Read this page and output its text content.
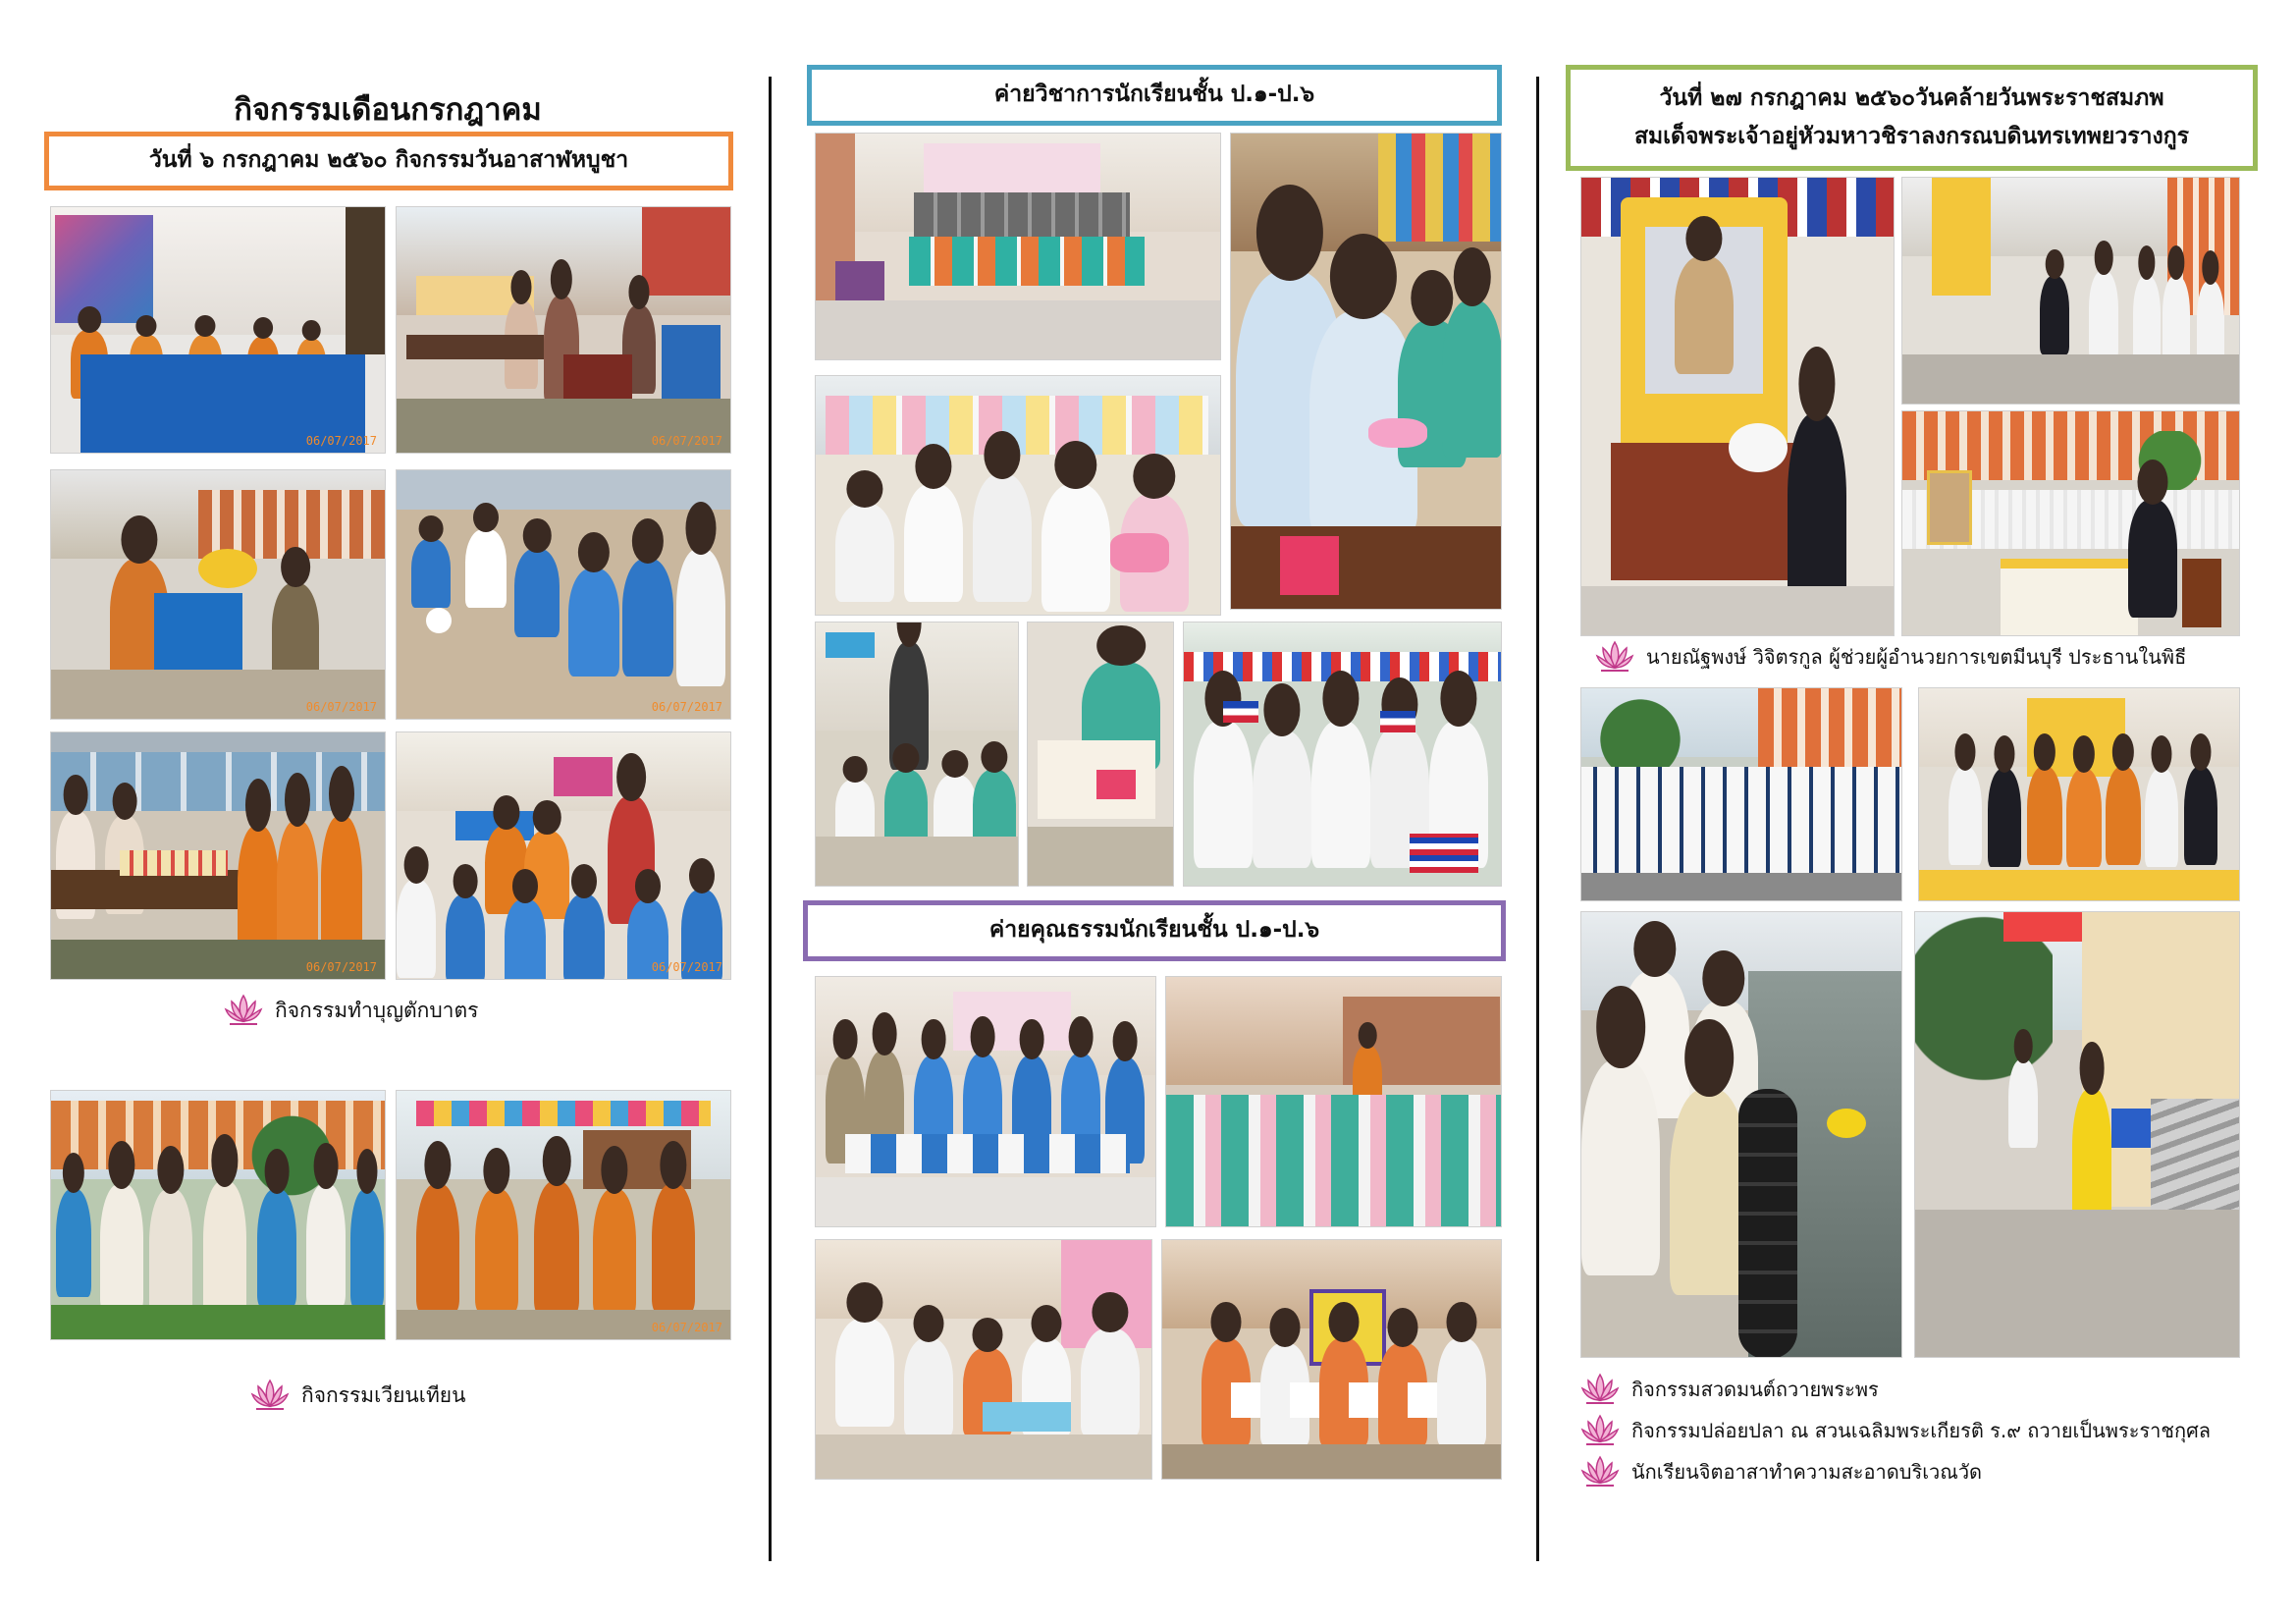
กิจกรรมเดือนกรกฎาคม
วันที่ ๖ กรกฎาคม ๒๕๖๐ กิจกรรมวันอาสาฬหบูชา
06/07/2017	06/07/2017
06/07/2017	06/07/2017
06/07/2017	06/07/2017
กิจกรรมทำบุญตักบาตร
06/07/2017
กิจกรรมเวียนเทียน
ค่ายวิชาการนักเรียนชั้น ป.๑-ป.๖
ค่ายคุณธรรมนักเรียนชั้น ป.๑-ป.๖
วันที่ ๒๗ กรกฎาคม ๒๕๖๐วันคล้ายวันพระราชสมภพ
สมเด็จพระเจ้าอยู่หัวมหาวชิราลงกรณบดินทรเทพยวรางกูร
นายณัฐพงษ์ วิจิตรกูล ผู้ช่วยผู้อำนวยการเขตมีนบุรี ประธานในพิธี
กิจกรรมสวดมนต์ถวายพระพร
กิจกรรมปล่อยปลา ณ สวนเฉลิมพระเกียรติ ร.๙ ถวายเป็นพระราชกุศล
นักเรียนจิตอาสาทำความสะอาดบริเวณวัด
